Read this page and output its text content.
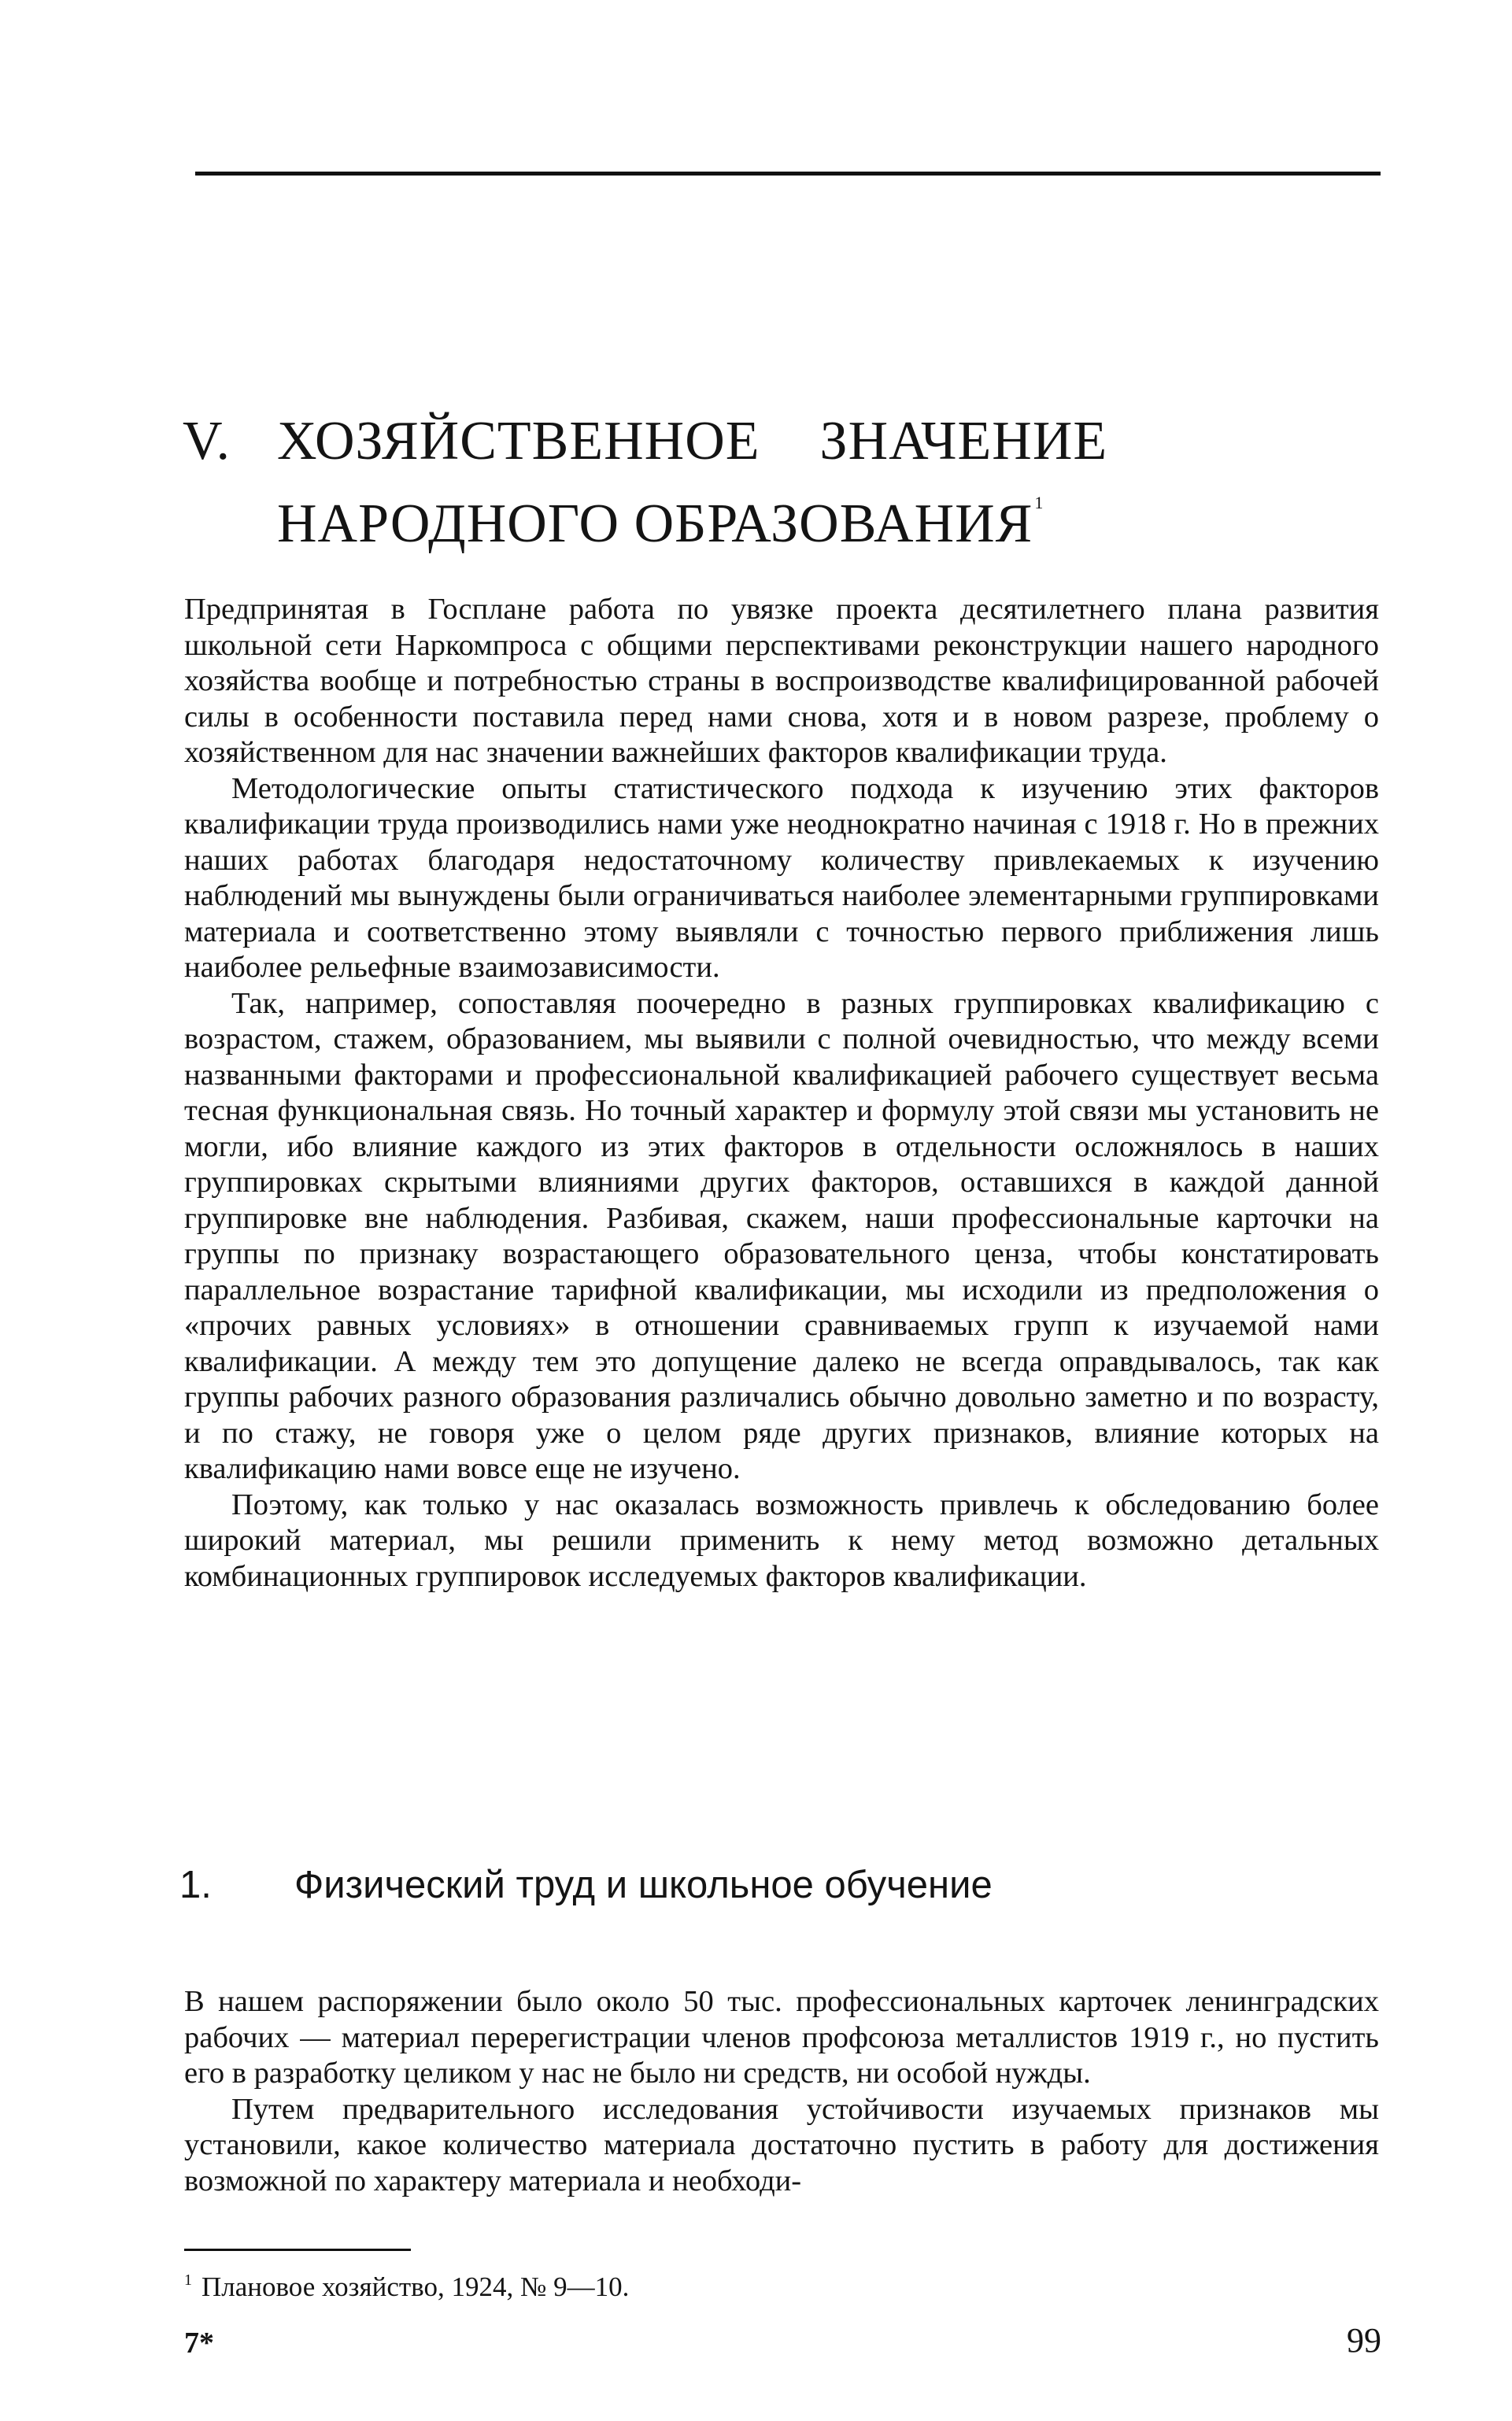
V. ХОЗЯЙСТВЕННОЕ ЗНАЧЕНИЕ
НАРОДНОГО ОБРАЗОВАНИЯ$^1$

Предпринятая в Госплане работа по увязке проекта десятилетнего плана развития школьной сети Наркомпроса с общими перспективами реконструкции нашего народного хозяйства вообще и потребностью страны в воспроизводстве квалифицированной рабочей силы в особенности поставила перед нами снова, хотя и в новом разрезе, проблему о хозяйственном для нас значении важнейших факторов квалификации труда.

Методологические опыты статистического подхода к изучению этих факторов квалификации труда производились нами уже неоднократно начиная с 1918 г. Но в прежних наших работах благодаря недостаточному количеству привлекаемых к изучению наблюдений мы вынуждены были ограничиваться наиболее элементарными группировками материала и соответственно этому выявляли с точностью первого приближения лишь наиболее рельефные взаимозависимости.

Так, например, сопоставляя поочередно в разных группировках квалификацию с возрастом, стажем, образованием, мы выявили с полной очевидностью, что между всеми названными факторами и профессиональной квалификацией рабочего существует весьма тесная функциональная связь. Но точный характер и формулу этой связи мы установить не могли, ибо влияние каждого из этих факторов в отдельности осложнялось в наших группировках скрытыми влияниями других факторов, оставшихся в каждой данной группировке вне наблюдения. Разбивая, скажем, наши профессиональные карточки на группы по признаку возрастающего образовательного ценза, чтобы констатировать параллельное возрастание тарифной квалификации, мы исходили из предположения о «прочих равных условиях» в отношении сравниваемых групп к изучаемой нами квалификации. А между тем это допущение далеко не всегда оправдывалось, так как группы рабочих разного образования различались обычно довольно заметно и по возрасту, и по стажу, не говоря уже о целом ряде других признаков, влияние которых на квалификацию нами вовсе еще не изучено.

Поэтому, как только у нас оказалась возможность привлечь к обследованию более широкий материал, мы решили применить к нему метод возможно детальных комбинационных группировок исследуемых факторов квалификации.

1. Физический труд и школьное обучение

В нашем распоряжении было около 50 тыс. профессиональных карточек ленинградских рабочих — материал перерегистрации членов профсоюза металлистов 1919 г., но пустить его в разработку целиком у нас не было ни средств, ни особой нужды.

Путем предварительного исследования устойчивости изучаемых признаков мы установили, какое количество материала достаточно пустить в работу для достижения возможной по характеру материала и необходи-

$^1$ Плановое хозяйство, 1924, № 9—10.
7*	99
